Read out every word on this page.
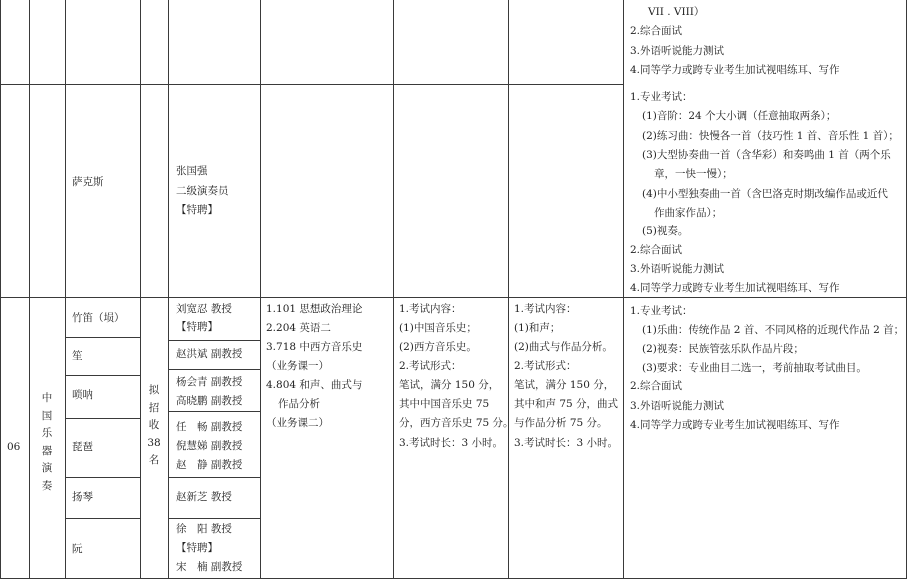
VII . VIII）
2.综合面试
3.外语听说能力测试
4.同等学力或跨专业考生加试视唱练耳、写作
萨克斯
张国强
二级演奏员
【特聘】
1.专业考试：
(1)音阶：24 个大小调（任意抽取两条）；
(2)练习曲：快慢各一首（技巧性 1 首、音乐性 1 首）；
(3)大型协奏曲一首（含华彩）和奏鸣曲 1 首（两个乐
章，一快一慢）；
(4)中小型独奏曲一首（含巴洛克时期改编作品或近代
作曲家作品）；
(5)视奏。
2.综合面试
3.外语听说能力测试
4.同等学力或跨专业考生加试视唱练耳、写作
06
中国乐器演奏
拟招收38名
竹笛（埙）
笙
唢呐
琵琶
扬琴
阮
刘宽忍 教授
【特聘】
赵洪斌 副教授
杨会青 副教授
高晓鹏 副教授
任　畅 副教授
倪慧娣 副教授
赵　静 副教授
赵新芝 教授
徐　阳 教授
【特聘】
宋　楠 副教授
1.101 思想政治理论
2.204 英语二
3.718 中西方音乐史
（业务课一）
4.804 和声、曲式与
作品分析
（业务课二）
1.考试内容：
(1)中国音乐史；
(2)西方音乐史。
2.考试形式：
笔试，满分 150 分，
其中中国音乐史 75
分，西方音乐史 75 分。
3.考试时长：3 小时。
1.考试内容：
(1)和声；
(2)曲式与作品分析。
2.考试形式：
笔试，满分 150 分，
其中和声 75 分，曲式
与作品分析 75 分。
3.考试时长：3 小时。
1.专业考试：
(1)乐曲：传统作品 2 首、不同风格的近现代作品 2 首；
(2)视奏：民族管弦乐队作品片段；
(3)要求：专业曲目二选一，考前抽取考试曲目。
2.综合面试
3.外语听说能力测试
4.同等学力或跨专业考生加试视唱练耳、写作
